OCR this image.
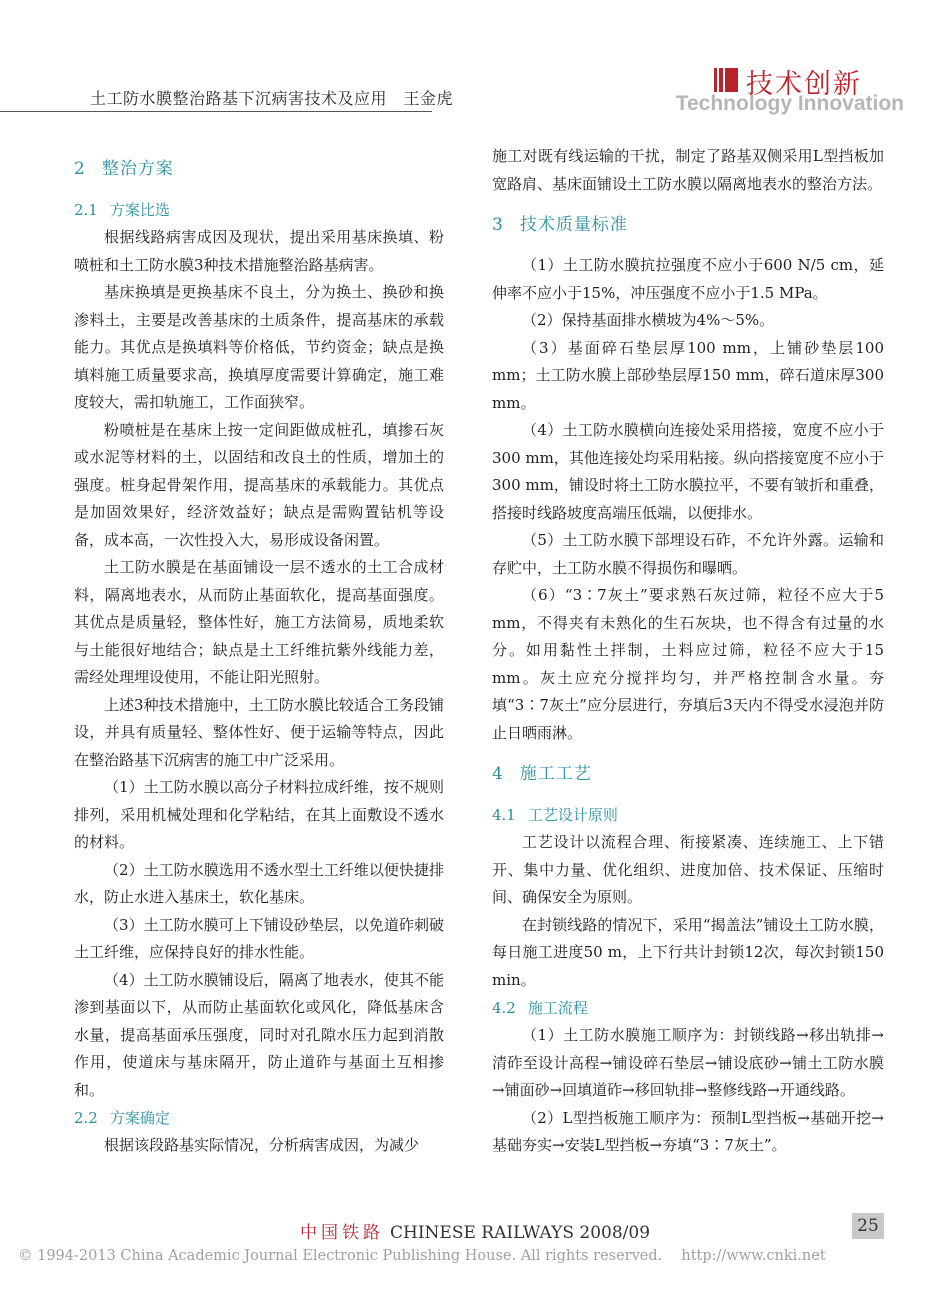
土工防水膜整治路基下沉病害技术及应用　王金虎	技术创新
Technology Innovation
2 整治方案
2.1 方案比选

根据线路病害成因及现状，提出采用基床换填、粉喷桩和土工防水膜3种技术措施整治路基病害。

基床换填是更换基床不良土，分为换土、换砂和换渗料土，主要是改善基床的土质条件，提高基床的承载能力。其优点是换填料等价格低，节约资金；缺点是换填料施工质量要求高，换填厚度需要计算确定，施工难度较大，需扣轨施工，工作面狭窄。

粉喷桩是在基床上按一定间距做成桩孔，填掺石灰或水泥等材料的土，以固结和改良土的性质，增加土的强度。桩身起骨架作用，提高基床的承载能力。其优点是加固效果好，经济效益好；缺点是需购置钻机等设备，成本高，一次性投入大，易形成设备闲置。

土工防水膜是在基面铺设一层不透水的土工合成材料，隔离地表水，从而防止基面软化，提高基面强度。其优点是质量轻，整体性好，施工方法简易，质地柔软与土能很好地结合；缺点是土工纤维抗紫外线能力差，需经处理埋设使用，不能让阳光照射。

上述3种技术措施中，土工防水膜比较适合工务段铺设，并具有质量轻、整体性好、便于运输等特点，因此在整治路基下沉病害的施工中广泛采用。

（1）土工防水膜以高分子材料拉成纤维，按不规则排列，采用机械处理和化学粘结，在其上面敷设不透水的材料。

（2）土工防水膜选用不透水型土工纤维以便快捷排水，防止水进入基床土，软化基床。

（3）土工防水膜可上下铺设砂垫层，以免道砟刺破土工纤维，应保持良好的排水性能。

（4）土工防水膜铺设后，隔离了地表水，使其不能渗到基面以下，从而防止基面软化或风化，降低基床含水量，提高基面承压强度，同时对孔隙水压力起到消散作用，使道床与基床隔开，防止道砟与基面土互相掺和。

2.2 方案确定

根据该段路基实际情况，分析病害成因，为减少

施工对既有线运输的干扰，制定了路基双侧采用L型挡板加宽路肩、基床面铺设土工防水膜以隔离地表水的整治方法。

3 技术质量标准

（1）土工防水膜抗拉强度不应小于600 N/5 cm，延伸率不应小于15%，冲压强度不应小于1.5 MPa。

（2）保持基面排水横坡为4%～5%。

（3）基面碎石垫层厚100 mm，上铺砂垫层100 mm；土工防水膜上部砂垫层厚150 mm，碎石道床厚300 mm。

（4）土工防水膜横向连接处采用搭接，宽度不应小于300 mm，其他连接处均采用粘接。纵向搭接宽度不应小于300 mm，铺设时将土工防水膜拉平，不要有皱折和重叠，搭接时线路坡度高端压低端，以便排水。

（5）土工防水膜下部埋设石砟，不允许外露。运输和存贮中，土工防水膜不得损伤和曝晒。

（6）“3∶7灰土”要求熟石灰过筛，粒径不应大于5 mm，不得夹有未熟化的生石灰块，也不得含有过量的水分。如用黏性土拌制，土料应过筛，粒径不应大于15 mm。灰土应充分搅拌均匀，并严格控制含水量。夯填“3∶7灰土”应分层进行，夯填后3天内不得受水浸泡并防止日晒雨淋。

4 施工工艺
4.1 工艺设计原则

工艺设计以流程合理、衔接紧凑、连续施工、上下错开、集中力量、优化组织、进度加倍、技术保证、压缩时间、确保安全为原则。

在封锁线路的情况下，采用“揭盖法”铺设土工防水膜，每日施工进度50 m，上下行共计封锁12次，每次封锁150 min。

4.2 施工流程

（1）土工防水膜施工顺序为：封锁线路→移出轨排→清砟至设计高程→铺设碎石垫层→铺设底砂→铺土工防水膜→铺面砂→回填道砟→移回轨排→整修线路→开通线路。

（2）L型挡板施工顺序为：预制L型挡板→基础开挖→基础夯实→安装L型挡板→夯填“3∶7灰土”。

中国铁路 CHINESE RAILWAYS 2008/09	25
© 1994-2013 China Academic Journal Electronic Publishing House. All rights reserved.　 http://www.cnki.net
